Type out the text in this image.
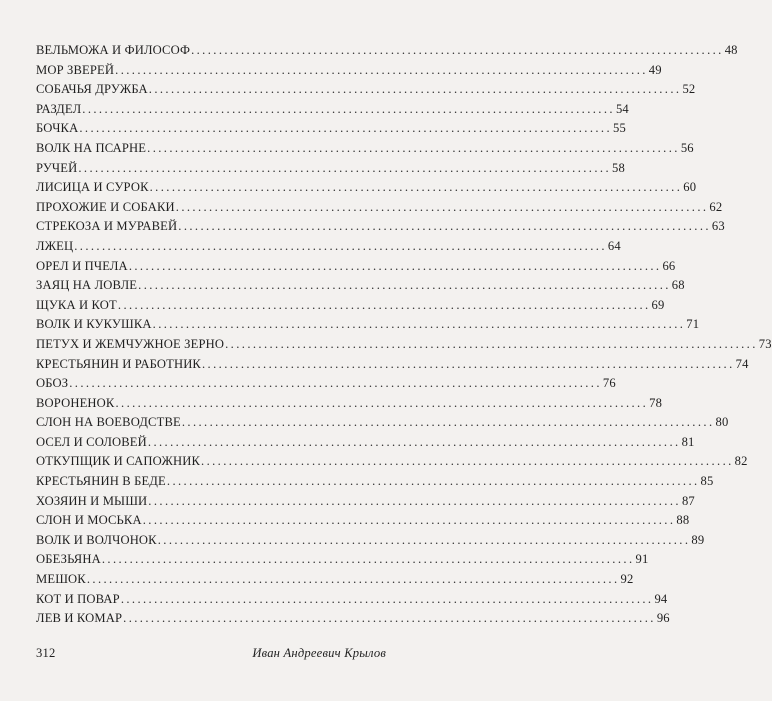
ВЕЛЬМОЖА И ФИЛОСОФ ................................................................................................ 48
МОР ЗВЕРЕЙ ................................................................................................ 49
СОБАЧЬЯ ДРУЖБА ................................................................................................ 52
РАЗДЕЛ ................................................................................................ 54
БОЧКА ................................................................................................ 55
ВОЛК НА ПСАРНЕ ................................................................................................ 56
РУЧЕЙ ................................................................................................ 58
ЛИСИЦА И СУРОК ................................................................................................ 60
ПРОХОЖИЕ И СОБАКИ ................................................................................................ 62
СТРЕКОЗА И МУРАВЕЙ ................................................................................................ 63
ЛЖЕЦ ................................................................................................ 64
ОРЕЛ И ПЧЕЛА ................................................................................................ 66
ЗАЯЦ НА ЛОВЛЕ ................................................................................................ 68
ЩУКА И КОТ ................................................................................................ 69
ВОЛК И КУКУШКА ................................................................................................ 71
ПЕТУХ И ЖЕМЧУЖНОЕ ЗЕРНО ................................................................................................ 73
КРЕСТЬЯНИН И РАБОТНИК ................................................................................................ 74
ОБОЗ ................................................................................................ 76
ВОРОНЕНОК ................................................................................................ 78
СЛОН НА ВОЕВОДСТВЕ ................................................................................................ 80
ОСЕЛ И СОЛОВЕЙ ................................................................................................ 81
ОТКУПЩИК И САПОЖНИК ................................................................................................ 82
КРЕСТЬЯНИН В БЕДЕ ................................................................................................ 85
ХОЗЯИН И МЫШИ ................................................................................................ 87
СЛОН И МОСЬКА ................................................................................................ 88
ВОЛК И ВОЛЧОНОК ................................................................................................ 89
ОБЕЗЬЯНА ................................................................................................ 91
МЕШОК ................................................................................................ 92
КОТ И ПОВАР ................................................................................................ 94
ЛЕВ И КОМАР ................................................................................................ 96
312	Иван Андреевич Крылов
